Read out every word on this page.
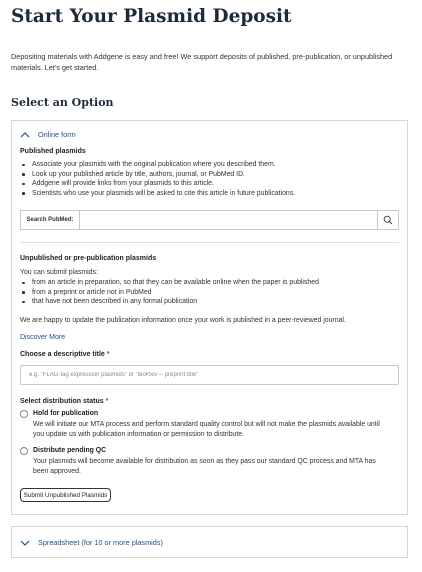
Start Your Plasmid Deposit

Depositing materials with Addgene is easy and free! We support deposits of published, pre-publication, or unpublished materials. Let's get started.

Select an Option
Online form
Published plasmids
Associate your plasmids with the original publication where you described them.
Look up your published article by title, authors, journal, or PubMed ID.
Addgene will provide links from your plasmids to this article.
Scientists who use your plasmids will be asked to cite this article in future publications.
Search PubMed:
Unpublished or pre-publication plasmids
You can submit plasmids:
from an article in preparation, so that they can be available online when the paper is published
from a preprint or article not in PubMed
that have not been described in any formal publication
We are happy to update the publication information once your work is published in a peer-reviewed journal.
Discover More
Choose a descriptive title *
e.g. "FLAG-tag expression plasmids" or "bioRxiv -- preprint title"
Select distribution status *
Hold for publication
We will initiate our MTA process and perform standard quality control but will not make the plasmids available until you update us with publication information or permission to distribute.
Distribute pending QC
Your plasmids will become available for distribution as soon as they pass our standard QC process and MTA has been approved.
Submit Unpublished Plasmids
Spreadsheet (for 10 or more plasmids)
